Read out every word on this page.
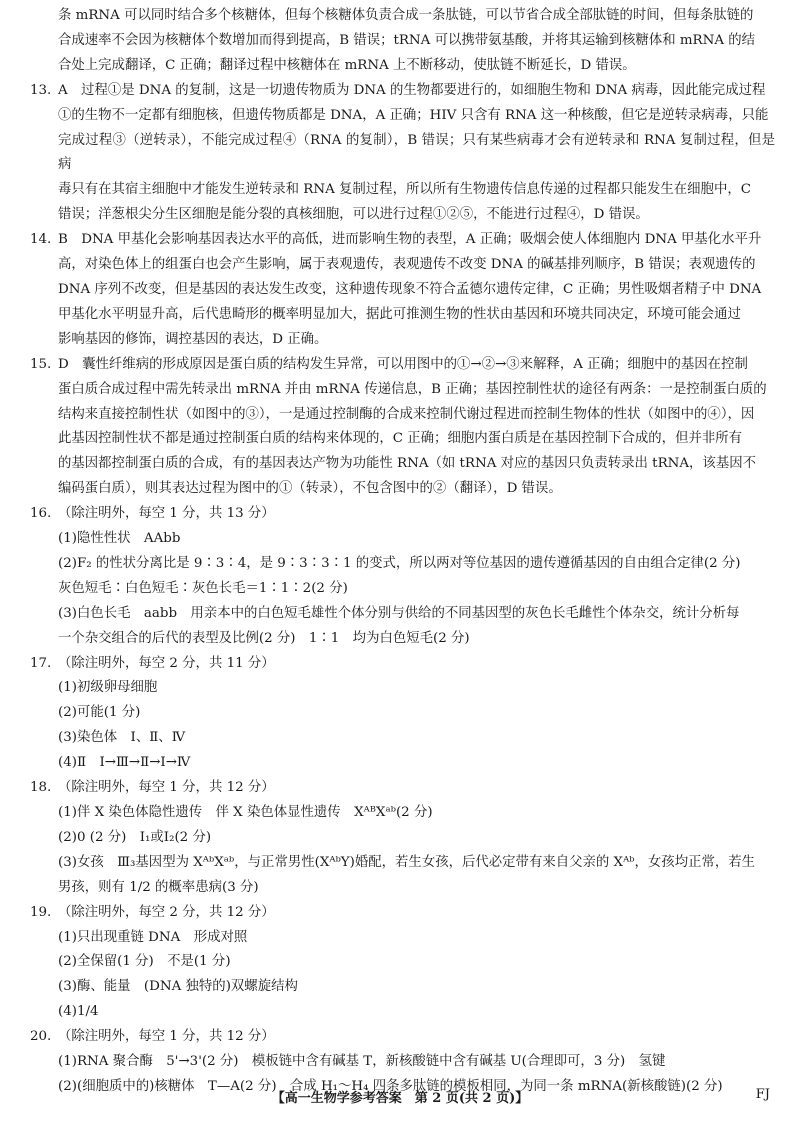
条 mRNA 可以同时结合多个核糖体，但每个核糖体负责合成一条肽链，可以节省合成全部肽链的时间，但每条肽链的

合成速率不会因为核糖体个数增加而得到提高，B 错误；tRNA 可以携带氨基酸，并将其运输到核糖体和 mRNA 的结

合处上完成翻译，C 正确；翻译过程中核糖体在 mRNA 上不断移动，使肽链不断延长，D 错误。

13. A　过程①是 DNA 的复制，这是一切遗传物质为 DNA 的生物都要进行的，如细胞生物和 DNA 病毒，因此能完成过程

①的生物不一定都有细胞核，但遗传物质都是 DNA，A 正确；HIV 只含有 RNA 这一种核酸，但它是逆转录病毒，只能

完成过程③（逆转录），不能完成过程④（RNA 的复制），B 错误；只有某些病毒才会有逆转录和 RNA 复制过程，但是病

毒只有在其宿主细胞中才能发生逆转录和 RNA 复制过程，所以所有生物遗传信息传递的过程都只能发生在细胞中，C

错误；洋葱根尖分生区细胞是能分裂的真核细胞，可以进行过程①②⑤，不能进行过程④，D 错误。

14. B　DNA 甲基化会影响基因表达水平的高低，进而影响生物的表型，A 正确；吸烟会使人体细胞内 DNA 甲基化水平升

高，对染色体上的组蛋白也会产生影响，属于表观遗传，表观遗传不改变 DNA 的碱基排列顺序，B 错误；表观遗传的

DNA 序列不改变，但是基因的表达发生改变，这种遗传现象不符合孟德尔遗传定律，C 正确；男性吸烟者精子中 DNA

甲基化水平明显升高，后代患畸形的概率明显加大，据此可推测生物的性状由基因和环境共同决定，环境可能会通过

影响基因的修饰，调控基因的表达，D 正确。

15. D　囊性纤维病的形成原因是蛋白质的结构发生异常，可以用图中的①→②→③来解释，A 正确；细胞中的基因在控制

蛋白质合成过程中需先转录出 mRNA 并由 mRNA 传递信息，B 正确；基因控制性状的途径有两条：一是控制蛋白质的

结构来直接控制性状（如图中的③），一是通过控制酶的合成来控制代谢过程进而控制生物体的性状（如图中的④），因

此基因控制性状不都是通过控制蛋白质的结构来体现的，C 正确；细胞内蛋白质是在基因控制下合成的，但并非所有

的基因都控制蛋白质的合成，有的基因表达产物为功能性 RNA（如 tRNA 对应的基因只负责转录出 tRNA，该基因不

编码蛋白质），则其表达过程为图中的①（转录），不包含图中的②（翻译），D 错误。

16. （除注明外，每空 1 分，共 13 分）

(1)隐性性状　AAbb

(2)F₂ 的性状分离比是 9∶3∶4，是 9∶3∶3∶1 的变式，所以两对等位基因的遗传遵循基因的自由组合定律(2 分)

灰色短毛∶白色短毛∶灰色长毛＝1∶1∶2(2 分)

(3)白色长毛　aabb　用亲本中的白色短毛雄性个体分别与供给的不同基因型的灰色长毛雌性个体杂交，统计分析每

一个杂交组合的后代的表型及比例(2 分)　1∶1　均为白色短毛(2 分)

17. （除注明外，每空 2 分，共 11 分）

(1)初级卵母细胞

(2)可能(1 分)

(3)染色体　Ⅰ、Ⅱ、Ⅳ

(4)Ⅱ　Ⅰ→Ⅲ→Ⅱ→Ⅰ→Ⅳ

18. （除注明外，每空 1 分，共 12 分）

(1)伴 X 染色体隐性遗传　伴 X 染色体显性遗传　XᴬᴮXᵃᵇ(2 分)

(2)0 (2 分)　Ⅰ₁或Ⅰ₂(2 分)

(3)女孩　Ⅲ₃基因型为 XᴬᵇXᵃᵇ，与正常男性(XᴬᵇY)婚配，若生女孩，后代必定带有来自父亲的 Xᴬᵇ，女孩均正常，若生

男孩，则有 1/2 的概率患病(3 分)

19. （除注明外，每空 2 分，共 12 分）

(1)只出现重链 DNA　形成对照

(2)全保留(1 分)　不是(1 分)

(3)酶、能量　(DNA 独特的)双螺旋结构

(4)1/4

20. （除注明外，每空 1 分，共 12 分）

(1)RNA 聚合酶　5'→3'(2 分)　模板链中含有碱基 T，新核酸链中含有碱基 U(合理即可，3 分)　氢键

(2)(细胞质中的)核糖体　T—A(2 分)　合成 H₁～H₄ 四条多肽链的模板相同，为同一条 mRNA(新核酸链)(2 分)

【高一生物学参考答案　第 2 页(共 2 页)】	FJ
